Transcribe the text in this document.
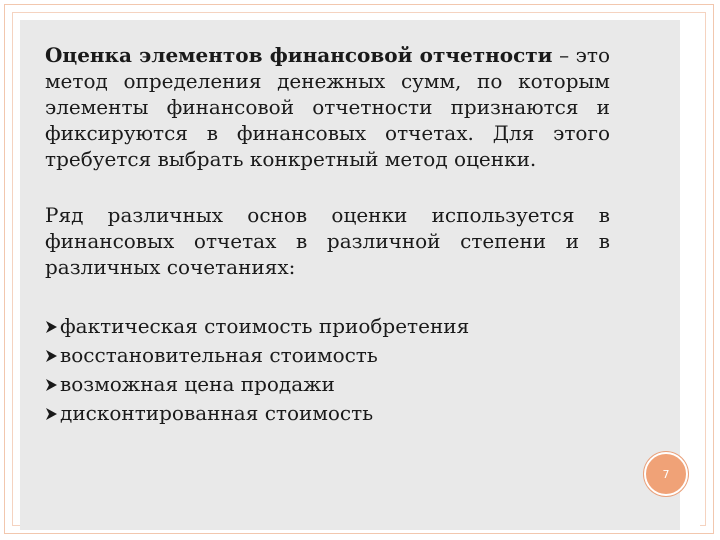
Оценка элементов финансовой отчетности – это метод определения денежных сумм, по которым элементы финансовой отчетности признаются и фиксируются в финансовых отчетах. Для этого требуется выбрать конкретный метод оценки.

Ряд различных основ оценки используется в финансовых отчетах в различной степени и в различных сочетаниях:

фактическая стоимость приобретения
восстановительная стоимость
возможная цена продажи
дисконтированная стоимость
7
